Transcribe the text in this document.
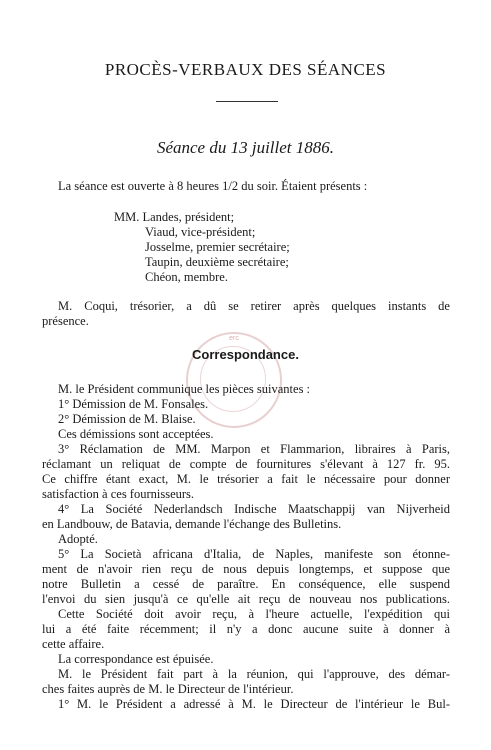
PROCÈS-VERBAUX DES SÉANCES
Séance du 13 juillet 1886.
La séance est ouverte à 8 heures 1/2 du soir. Étaient présents :
MM. Landes, président;
Viaud, vice-président;
Josselme, premier secrétaire;
Taupin, deuxième secrétaire;
Chéon, membre.
M. Coqui, trésorier, a dû se retirer après quelques instants de
présence.
erc
Correspondance.
M. le Président communique les pièces suivantes :
1° Démission de M. Fonsales.
2° Démission de M. Blaise.
Ces démissions sont acceptées.
3° Réclamation de MM. Marpon et Flammarion, libraires à Paris,
réclamant un reliquat de compte de fournitures s'élevant à 127 fr. 95.
Ce chiffre étant exact, M. le trésorier a fait le nécessaire pour donner
satisfaction à ces fournisseurs.
4° La Société Nederlandsch Indische Maatschappij van Nijverheid
en Landbouw, de Batavia, demande l'échange des Bulletins.
Adopté.
5° La Società africana d'Italia, de Naples, manifeste son étonne-
ment de n'avoir rien reçu de nous depuis longtemps, et suppose que
notre Bulletin a cessé de paraître. En conséquence, elle suspend
l'envoi du sien jusqu'à ce qu'elle ait reçu de nouveau nos publications.
Cette Société doit avoir reçu, à l'heure actuelle, l'expédition qui
lui a été faite récemment; il n'y a donc aucune suite à donner à
cette affaire.
La correspondance est épuisée.
M. le Président fait part à la réunion, qui l'approuve, des démar-
ches faites auprès de M. le Directeur de l'intérieur.
1° M. le Président a adressé à M. le Directeur de l'intérieur le Bul-
